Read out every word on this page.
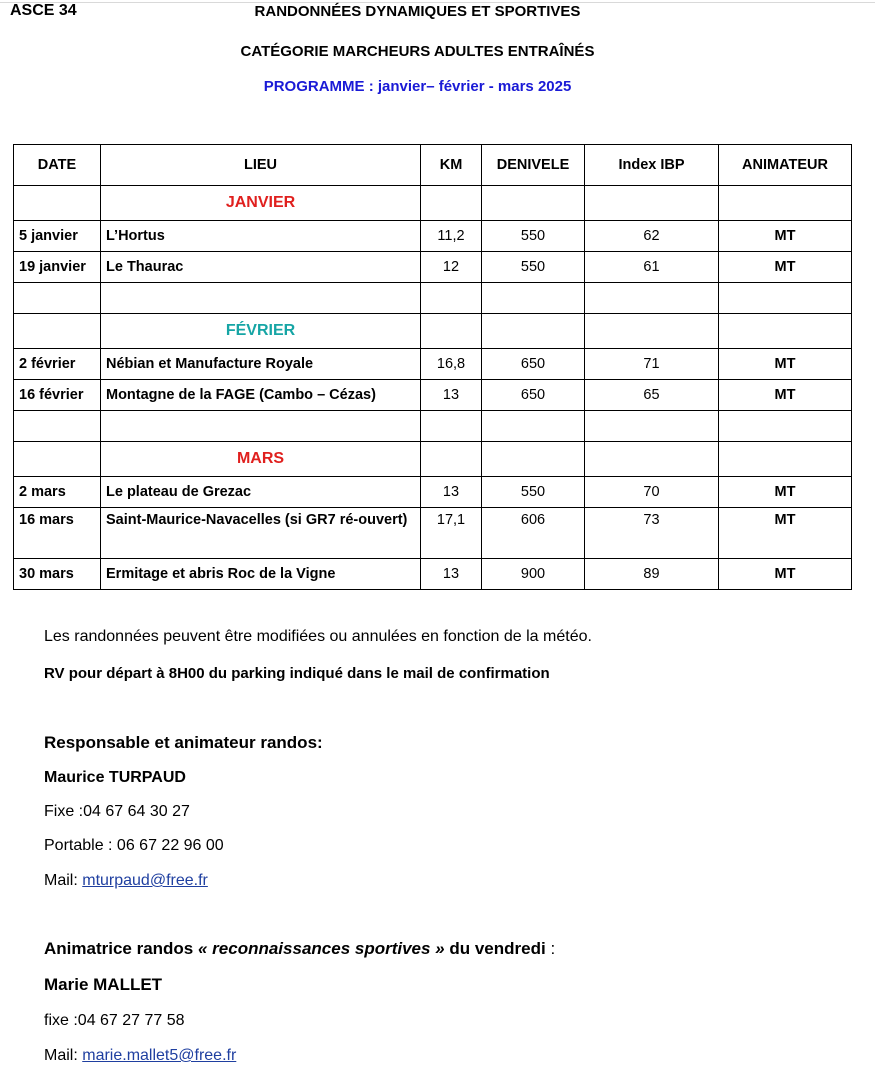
ASCE 34	RANDONNÉES DYNAMIQUES ET SPORTIVES
CATÉGORIE MARCHEURS ADULTES ENTRAÎNÉS
PROGRAMME : janvier– février - mars 2025
DATE	LIEU	KM	DENIVELE	Index IBP	ANIMATEUR

	JANVIER				

5 janvier	L’Hortus	11,2	550	62	MT
19 janvier	Le Thaurac	12	550	61	MT

	FÉVRIER				

2 février	Nébian et Manufacture Royale	16,8	650	71	MT
16 février	Montagne de la FAGE (Cambo – Cézas)	13	650	65	MT

	MARS				

2 mars	Le plateau de Grezac	13	550	70	MT
16 mars	Saint-Maurice-Navacelles (si GR7 ré-ouvert)	17,1	606	73	MT
30 mars	Ermitage et abris Roc de la Vigne	13	900	89	MT

Les randonnées peuvent être modifiées ou annulées en fonction de la météo.

RV pour départ à 8H00 du parking indiqué dans le mail de confirmation

Responsable et animateur randos:
Maurice TURPAUD
Fixe :04 67 64 30 27
Portable : 06 67 22 96 00
Mail: mturpaud@free.fr
Animatrice randos « reconnaissances sportives » du vendredi :
Marie MALLET
fixe :04 67 27 77 58
Mail: marie.mallet5@free.fr
